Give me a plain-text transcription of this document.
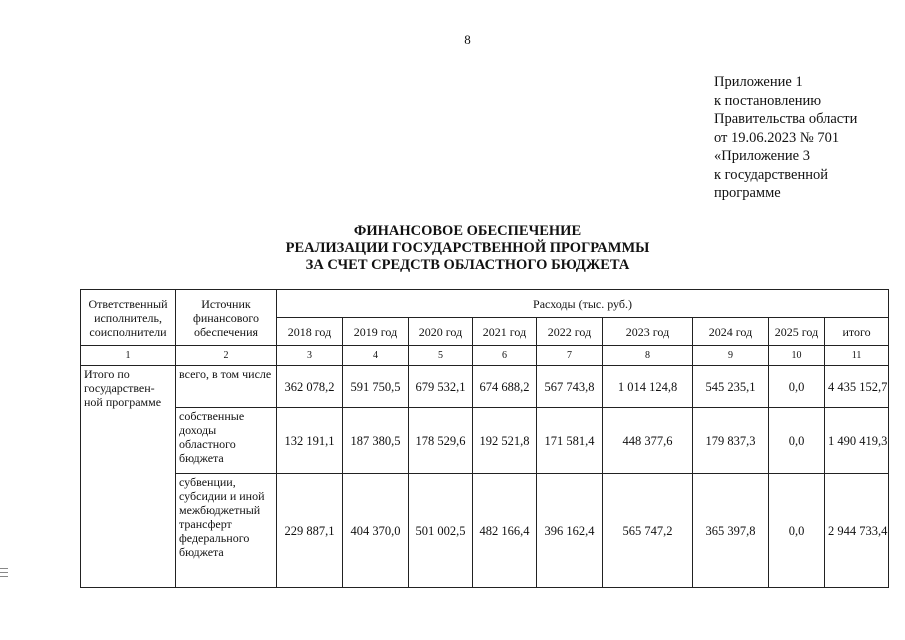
8
Приложение 1
к постановлению
Правительства области
от 19.06.2023 № 701
«Приложение 3
к государственной
программе
ФИНАНСОВОЕ ОБЕСПЕЧЕНИЕ
РЕАЛИЗАЦИИ ГОСУДАРСТВЕННОЙ ПРОГРАММЫ
ЗА СЧЕТ СРЕДСТВ ОБЛАСТНОГО БЮДЖЕТА
Ответственный исполнитель, соисполнители	Источник финансового обеспечения	Расходы (тыс. руб.)								
		2018 год	2019 год	2020 год	2021 год	2022 год	2023 год	2024 год	2025 год	итого
1	2	3	4	5	6	7	8	9	10	11
Итого по государствен-ной программе	всего, в том числе	362 078,2	591 750,5	679 532,1	674 688,2	567 743,8	1 014 124,8	545 235,1	0,0	4 435 152,7
	собственные доходы областного бюджета	132 191,1	187 380,5	178 529,6	192 521,8	171 581,4	448 377,6	179 837,3	0,0	1 490 419,3
	субвенции, субсидии и иной межбюджетный трансферт федерального бюджета	229 887,1	404 370,0	501 002,5	482 166,4	396 162,4	565 747,2	365 397,8	0,0	2 944 733,4
